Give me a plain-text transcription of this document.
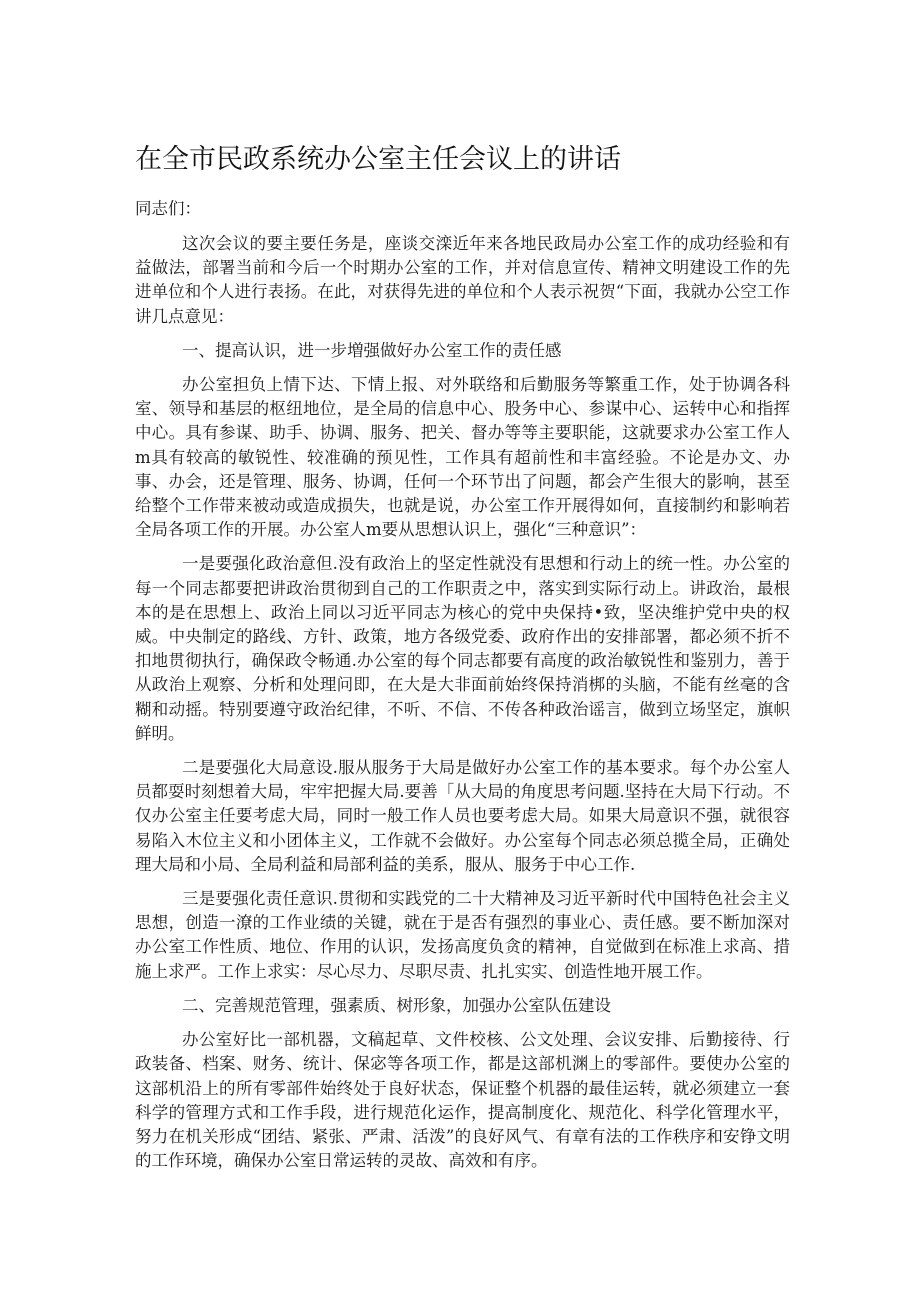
在全市民政系统办公室主任会议上的讲话

同志们：

这次会议的要主要任务是，座谈交滦近年来各地民政局办公室工作的成功经验和有益做法，部署当前和今后一个时期办公室的工作，并对信息宣传、精神文明建设工作的先进单位和个人进行表扬。在此，对获得先进的单位和个人表示祝贺“下面，我就办公空工作讲几点意见：

一、提高认识，进一步増强做好办公室工作的责任感

办公室担负上情下达、下情上报、对外联络和后勤服务等繁重工作，处于协调各科室、领导和基层的枢纽地位，是全局的信息中心、股务中心、参谋中心、运转中心和指挥中心。具有参谋、助手、协调、服务、把关、督办等等主要职能，这就要求办公室工作人m具有较高的敏锐性、较准确的预见性，工作具有超前性和丰富经验。不论是办文、办事、办会，还是管理、服务、协调，任何一个环节出了问题，都会产生很大的影响，甚至给整个工作带来被动或造成损失，也就是说，办公室工作开展得如何，直接制约和影响若全局各项工作的开展。办公室人m要从思想认识上，强化“三种意识”：

一是要强化政治意但.没有政治上的坚定性就没有思想和行动上的统一性。办公室的每一个同志都要把讲政治贯彻到自己的工作职责之中，落实到实际行动上。讲政治，最根本的是在思想上、政治上同以习近平同志为核心的党中央保持•致，坚决维护党中央的权威。中央制定的路线、方针、政策，地方各级党委、政府作出的安排部署，都必须不折不扣地贯彻执行，确保政令畅通.办公室的每个同志都要有高度的政治敏锐性和鉴别力，善于从政治上观察、分析和处理问即，在大是大非面前始终保持消梆的头脑，不能有丝毫的含糊和动摇。特别要遵守政治纪律，不听、不信、不传各种政治谣言，做到立场坚定，旗帜鲜明。

二是要强化大局意设.服从服务于大局是做好办公室工作的基本要求。每个办公室人员都耍时刻想着大局，牢牢把握大局.要善「从大局的角度思考问题.坚持在大局下行动。不仅办公室主任要考虑大局，同时一般工作人员也要考虑大局。如果大局意识不强，就很容易陷入木位主义和小团体主义，工作就不会做好。办公室每个同志必须总揽全局，正确处理大局和小局、全局利益和局部利益的美系，服从、服务于中心工作.

三是要强化责任意识.贯彻和实践党的二十大精神及习近平新时代中国特色社会主义思想，创造一潦的工作业绩的关键，就在于是否有强烈的事业心、责任感。要不断加深对办公室工作性质、地位、作用的认识，发扬高度负贪的精神，自觉做到在标准上求高、措施上求严。工作上求实：尽心尽力、尽职尽责、扎扎实实、创造性地开展工作。

二、完善规范管理，强素质、树形象，加强办公室队伍建设

办公室好比一部机器，文稿起草、文件校核、公文处理、会议安排、后勤接待、行政装备、档案、财务、统计、保宓等各项工作，都是这部机渊上的零部件。要使办公室的这部机沿上的所有零部件始终处于良好状态，保证整个机器的最佳运转，就必须建立一套科学的管理方式和工作手段，进行规范化运作，提高制度化、规范化、科学化管理水平，努力在机关形成“团结、紧张、严肃、活泼”的良好风气、有章有法的工作秩序和安铮文明的工作环境，确保办公室日常运转的灵故、高效和有序。
